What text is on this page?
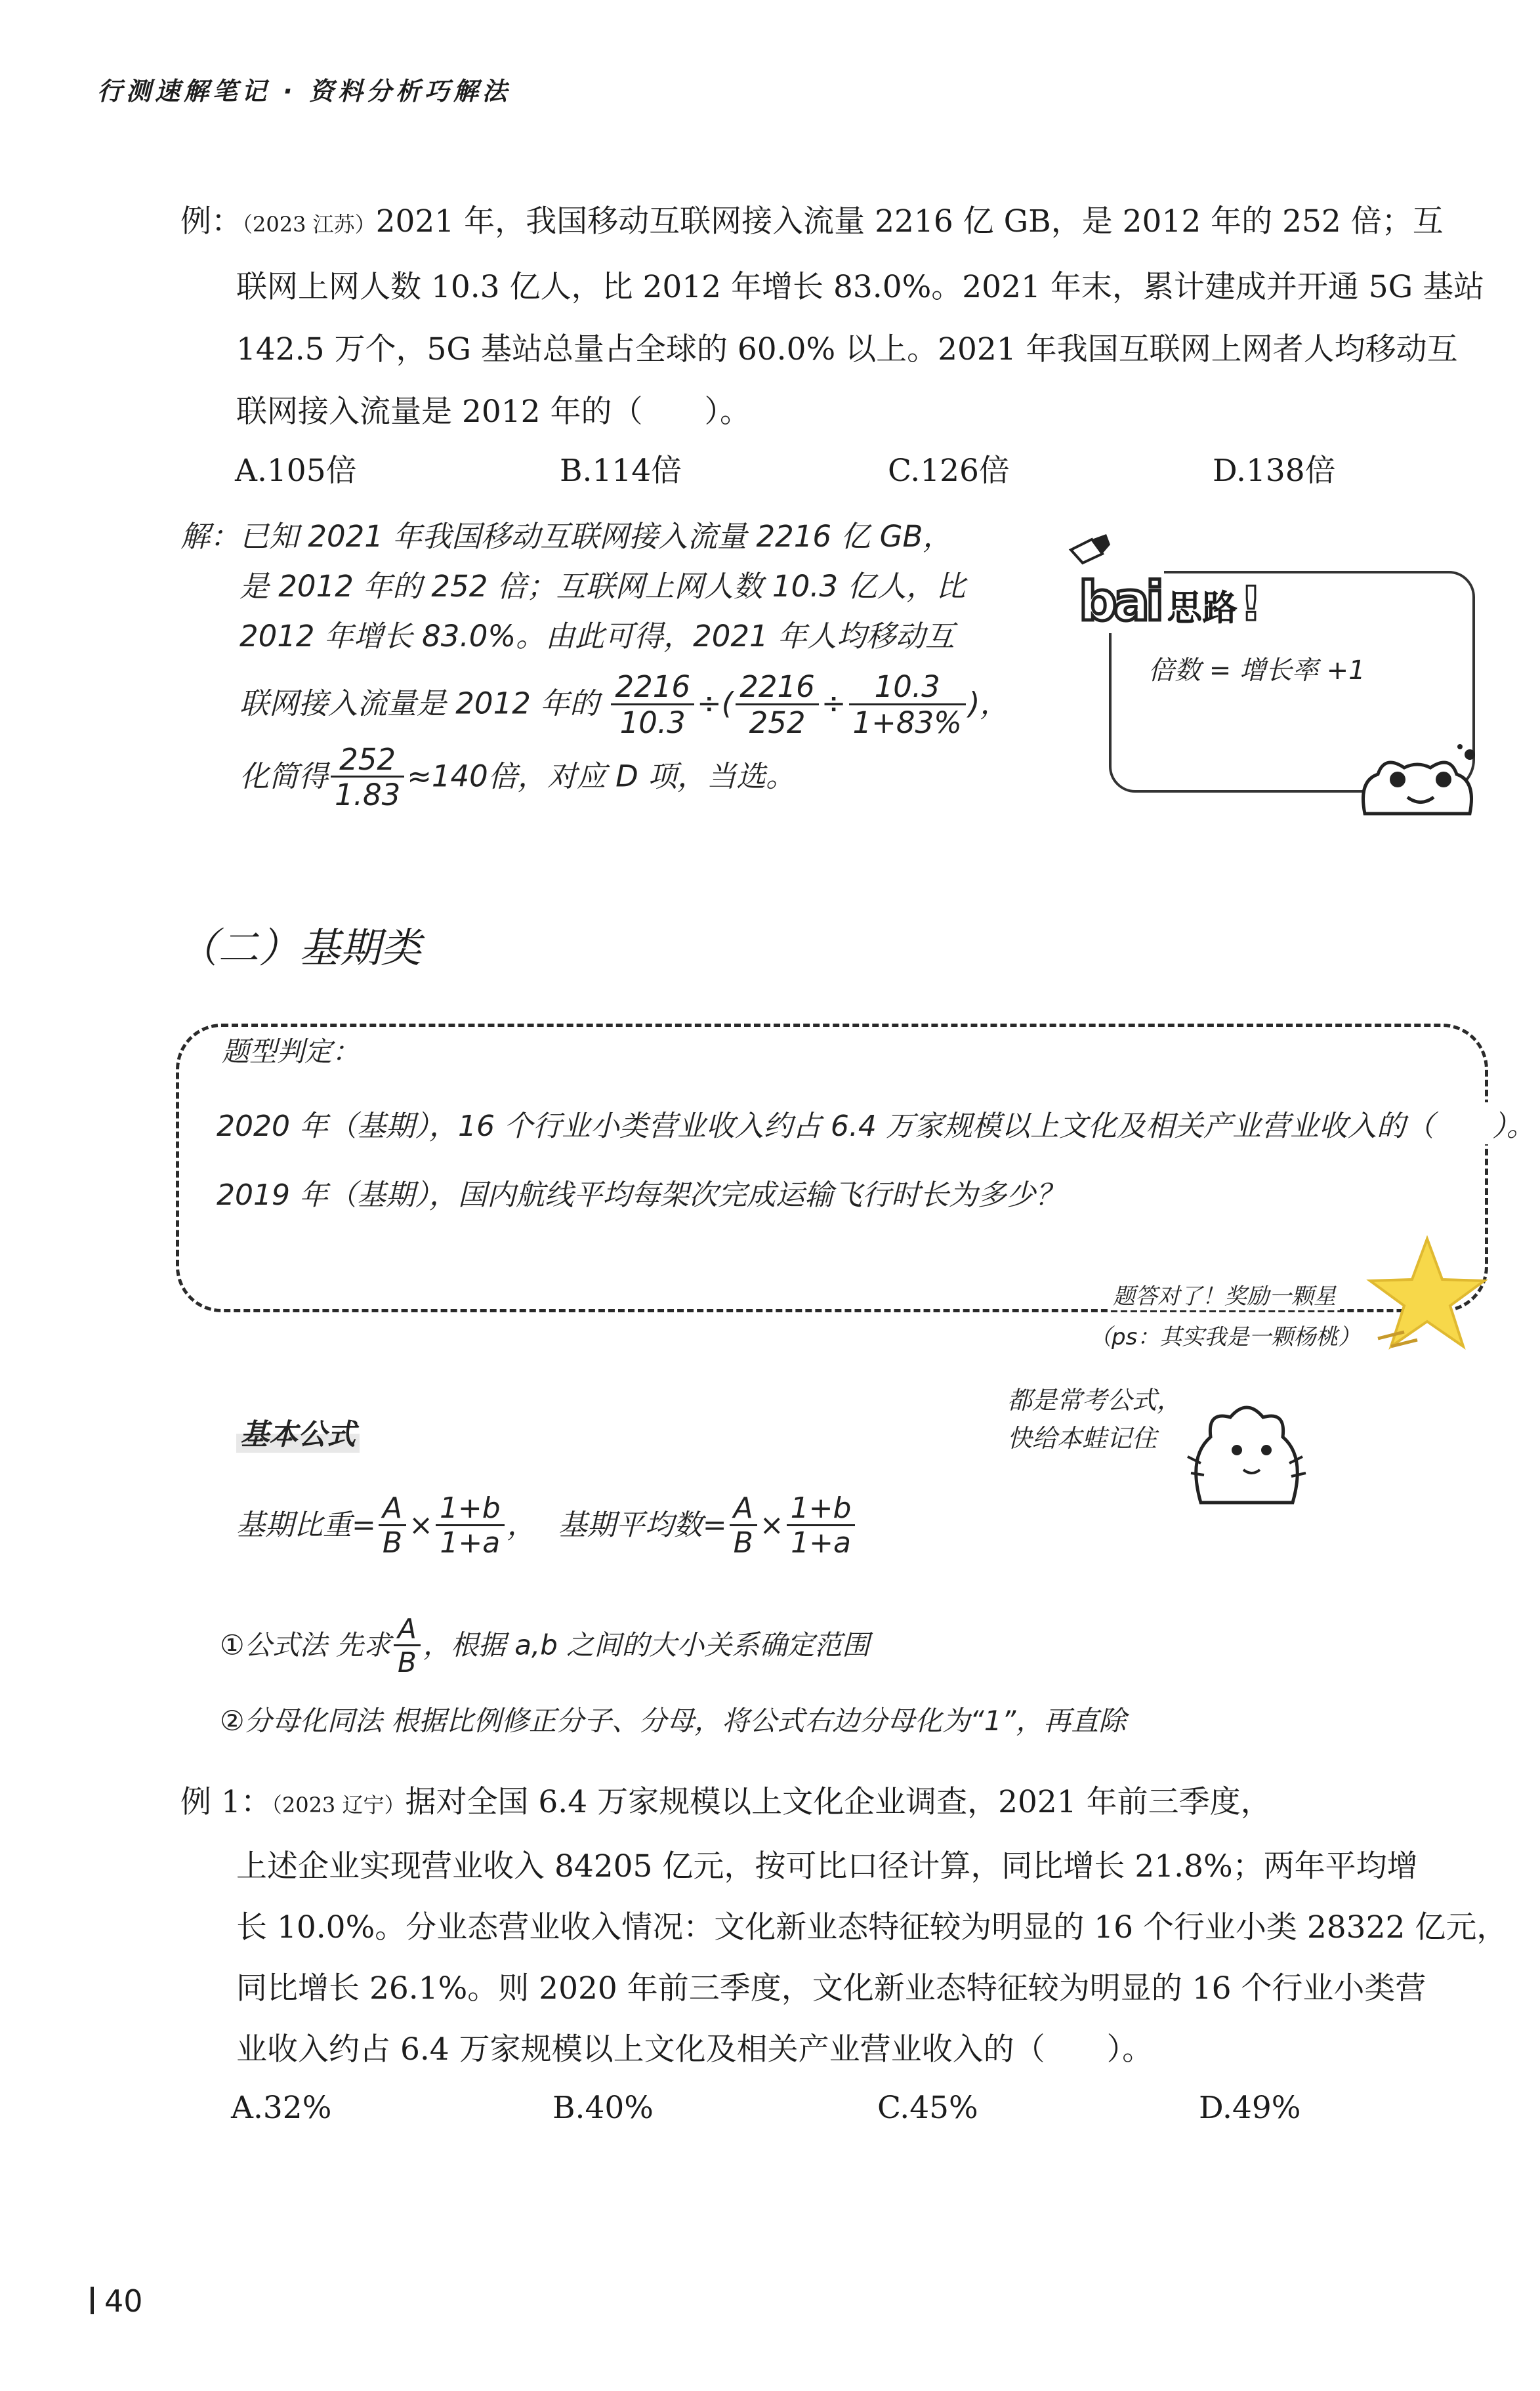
行测速解笔记 · 资料分析巧解法
例：（2023 江苏）2021 年，我国移动互联网接入流量 2216 亿 GB，是 2012 年的 252 倍；互
联网上网人数 10.3 亿人，比 2012 年增长 83.0%。2021 年末，累计建成并开通 5G 基站
142.5 万个，5G 基站总量占全球的 60.0% 以上。2021 年我国互联网上网者人均移动互
联网接入流量是 2012 年的（　　）。
A.105倍	B.114倍	C.126倍	D.138倍
解：已知 2021 年我国移动互联网接入流量 2216 亿 GB，
是 2012 年的 252 倍；互联网上网人数 10.3 亿人，比
2012 年增长 83.0%。由此可得，2021 年人均移动互
联网接入流量是 2012 年的 $\frac{2216}{10.3}$ ÷( $\frac{2216}{252} \div \frac{10.3}{1+83\%}$ )，
化简得 $\frac{252}{1.83} \approx 140$倍，对应 D 项，当选。
bai 思路!
倍数 = 增长率 +1
（二）基期类
题型判定：
2020 年（基期），16 个行业小类营业收入约占 6.4 万家规模以上文化及相关产业营业收入的（　　）。
2019 年（基期），国内航线平均每架次完成运输飞行时长为多少？
题答对了！奖励一颗星
（ps：其实我是一颗杨桃）
基本公式
都是常考公式，
快给本蛙记住
基期比重= $\frac{A}{B} \times \frac{1+b}{1+a}$ ， 基期平均数= $\frac{A}{B} \times \frac{1+b}{1+a}$
①公式法 先求 $\frac{A}{B}$ ，根据 a,b 之间的大小关系确定范围
②分母化同法 根据比例修正分子、分母，将公式右边分母化为“1”，再直除
例 1：（2023 辽宁）据对全国 6.4 万家规模以上文化企业调查，2021 年前三季度，
上述企业实现营业收入 84205 亿元，按可比口径计算，同比增长 21.8%；两年平均增
长 10.0%。分业态营业收入情况：文化新业态特征较为明显的 16 个行业小类 28322 亿元，
同比增长 26.1%。则 2020 年前三季度，文化新业态特征较为明显的 16 个行业小类营
业收入约占 6.4 万家规模以上文化及相关产业营业收入的（　　）。
A.32%	B.40%	C.45%	D.49%
40
